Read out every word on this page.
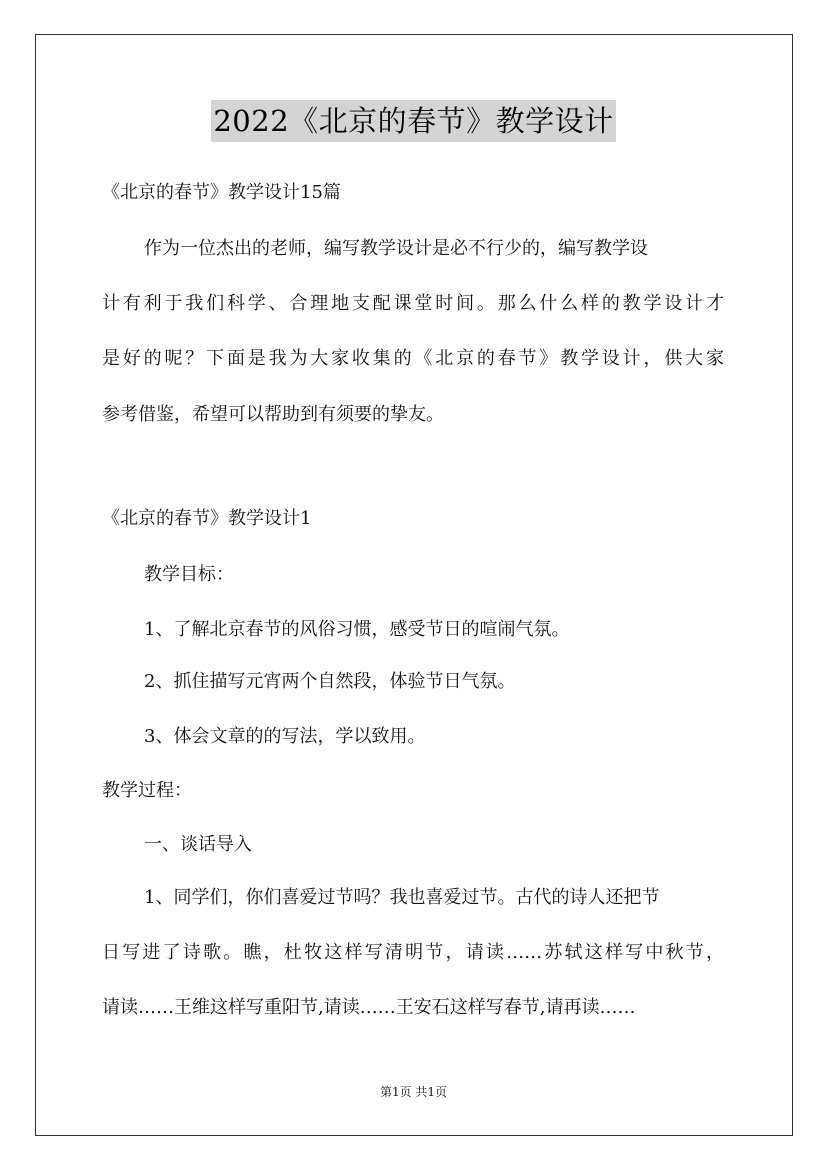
2022《北京的春节》教学设计
《北京的春节》教学设计15篇
作为一位杰出的老师，编写教学设计是必不行少的，编写教学设
计有利于我们科学、合理地支配课堂时间。那么什么样的教学设计才
是好的呢？下面是我为大家收集的《北京的春节》教学设计，供大家
参考借鉴，希望可以帮助到有须要的挚友。
《北京的春节》教学设计1
教学目标：
1、了解北京春节的风俗习惯，感受节日的喧闹气氛。
2、抓住描写元宵两个自然段，体验节日气氛。
3、体会文章的的写法，学以致用。
教学过程：
一、谈话导入
1、同学们，你们喜爱过节吗？我也喜爱过节。古代的诗人还把节
日写进了诗歌。瞧，杜牧这样写清明节，请读……苏轼这样写中秋节，
请读……王维这样写重阳节,请读……王安石这样写春节,请再读……
第1页 共1页
